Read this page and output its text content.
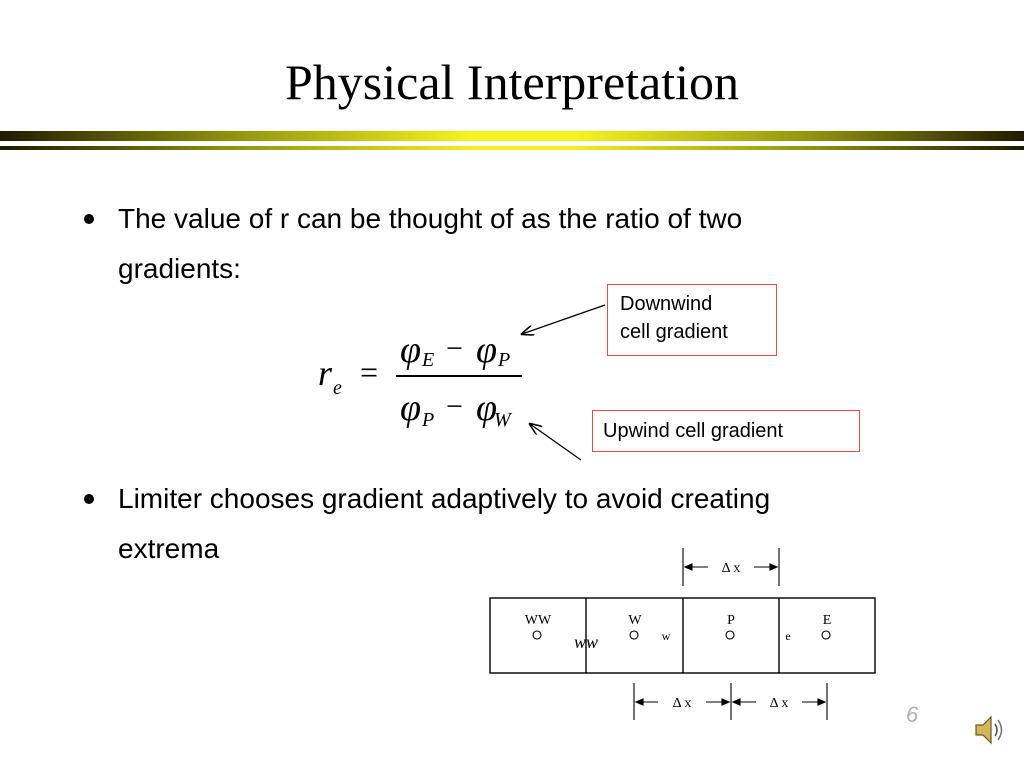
Physical Interpretation
The value of r can be thought of as the ratio of two
gradients:
Limiter chooses gradient adaptively to avoid creating
extrema
r e =
φ E − φ P
φ P − φ
W
Downwind
cell gradient
Upwind cell gradient
WW	W	P	E
w	e
ww
Δ x
Δ x	Δ x	6
